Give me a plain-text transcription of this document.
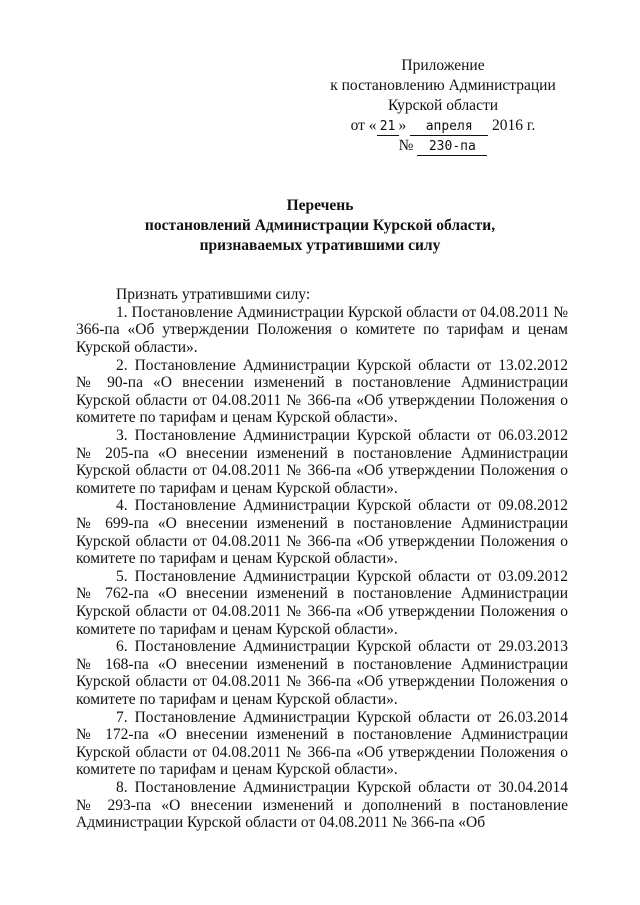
Приложение
к постановлению Администрации
Курской области
от « 21 » апреля 2016 г.
№ 230-па
Перечень
постановлений Администрации Курской области,
признаваемых утратившими силу

Признать утратившими силу:

1. Постановление Администрации Курской области от 04.08.2011 № 366-па «Об утверждении Положения о комитете по тарифам и ценам Курской области».

2. Постановление Администрации Курской области от 13.02.2012 № 90-па «О внесении изменений в постановление Администрации Курской области от 04.08.2011 № 366-па «Об утверждении Положения о комитете по тарифам и ценам Курской области».

3. Постановление Администрации Курской области от 06.03.2012 № 205-па «О внесении изменений в постановление Администрации Курской области от 04.08.2011 № 366-па «Об утверждении Положения о комитете по тарифам и ценам Курской области».

4. Постановление Администрации Курской области от 09.08.2012 № 699-па «О внесении изменений в постановление Администрации Курской области от 04.08.2011 № 366-па «Об утверждении Положения о комитете по тарифам и ценам Курской области».

5. Постановление Администрации Курской области от 03.09.2012 № 762-па «О внесении изменений в постановление Администрации Курской области от 04.08.2011 № 366-па «Об утверждении Положения о комитете по тарифам и ценам Курской области».

6. Постановление Администрации Курской области от 29.03.2013 № 168-па «О внесении изменений в постановление Администрации Курской области от 04.08.2011 № 366-па «Об утверждении Положения о комитете по тарифам и ценам Курской области».

7. Постановление Администрации Курской области от 26.03.2014 № 172-па «О внесении изменений в постановление Администрации Курской области от 04.08.2011 № 366-па «Об утверждении Положения о комитете по тарифам и ценам Курской области».

8. Постановление Администрации Курской области от 30.04.2014 № 293-па «О внесении изменений и дополнений в постановление Администрации Курской области от 04.08.2011 № 366-па «Об
